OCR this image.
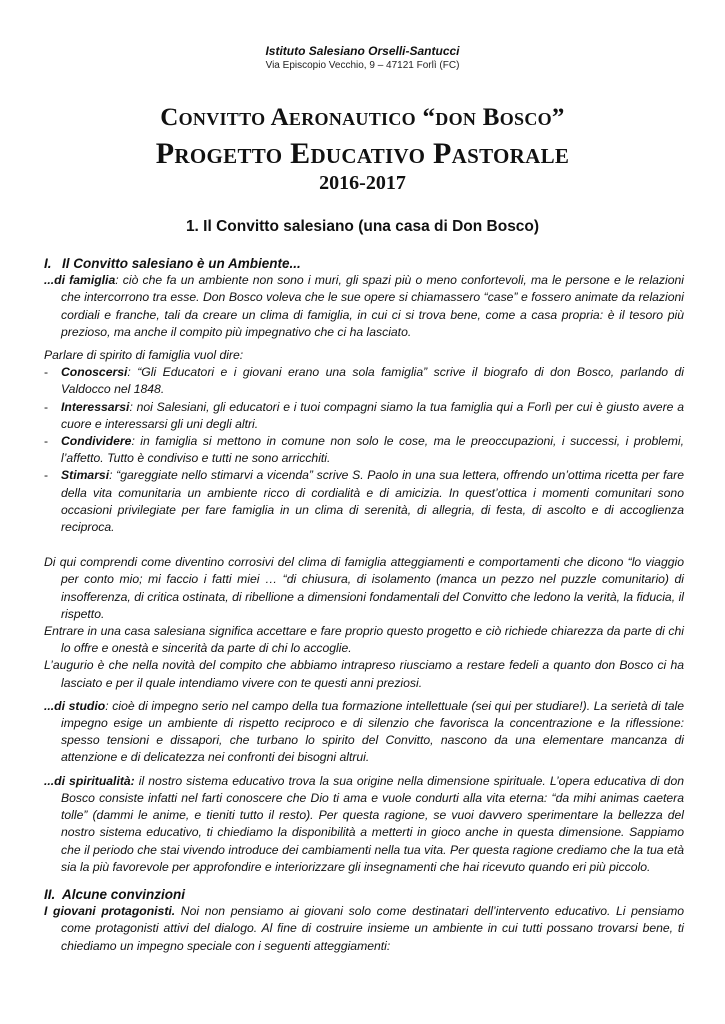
Istituto Salesiano Orselli-Santucci
Via Episcopio Vecchio, 9 – 47121 Forlì (FC)
Convitto Aeronautico “don Bosco”
Progetto Educativo Pastorale
2016-2017
1. Il Convitto salesiano (una casa di Don Bosco)

I. Il Convitto salesiano è un Ambiente...

...di famiglia: ciò che fa un ambiente non sono i muri, gli spazi più o meno confortevoli, ma le persone e le relazioni che intercorrono tra esse. Don Bosco voleva che le sue opere si chiamassero “case” e fossero animate da relazioni cordiali e franche, tali da creare un clima di famiglia, in cui ci si trova bene, come a casa propria: è il tesoro più prezioso, ma anche il compito più impegnativo che ci ha lasciato.

Parlare di spirito di famiglia vuol dire:

- Conoscersi: “Gli Educatori e i giovani erano una sola famiglia” scrive il biografo di don Bosco, parlando di Valdocco nel 1848.
- Interessarsi: noi Salesiani, gli educatori e i tuoi compagni siamo la tua famiglia qui a Forlì per cui è giusto avere a cuore e interessarsi gli uni degli altri.
- Condividere: in famiglia si mettono in comune non solo le cose, ma le preoccupazioni, i successi, i problemi, l’affetto. Tutto è condiviso e tutti ne sono arricchiti.
- Stimarsi: “gareggiate nello stimarvi a vicenda” scrive S. Paolo in una sua lettera, offrendo un’ottima ricetta per fare della vita comunitaria un ambiente ricco di cordialità e di amicizia. In quest’ottica i momenti comunitari sono occasioni privilegiate per fare famiglia in un clima di serenità, di allegria, di festa, di ascolto e di accoglienza reciproca.

Di qui comprendi come diventino corrosivi del clima di famiglia atteggiamenti e comportamenti che dicono “lo viaggio per conto mio; mi faccio i fatti miei … “di chiusura, di isolamento (manca un pezzo nel puzzle comunitario) di insofferenza, di critica ostinata, di ribellione a dimensioni fondamentali del Convitto che ledono la verità, la fiducia, il rispetto.

Entrare in una casa salesiana significa accettare e fare proprio questo progetto e ciò richiede chiarezza da parte di chi lo offre e onestà e sincerità da parte di chi lo accoglie.

L’augurio è che nella novità del compito che abbiamo intrapreso riusciamo a restare fedeli a quanto don Bosco ci ha lasciato e per il quale intendiamo vivere con te questi anni preziosi.

...di studio: cioè di impegno serio nel campo della tua formazione intellettuale (sei qui per studiare!). La serietà di tale impegno esige un ambiente di rispetto reciproco e di silenzio che favorisca la concentrazione e la riflessione: spesso tensioni e dissapori, che turbano lo spirito del Convitto, nascono da una elementare mancanza di attenzione e di delicatezza nei confronti dei bisogni altrui.

...di spiritualità: il nostro sistema educativo trova la sua origine nella dimensione spirituale. L’opera educativa di don Bosco consiste infatti nel farti conoscere che Dio ti ama e vuole condurti alla vita eterna: “da mihi animas caetera tolle” (dammi le anime, e tieniti tutto il resto). Per questa ragione, se vuoi davvero sperimentare la bellezza del nostro sistema educativo, ti chiediamo la disponibilità a metterti in gioco anche in questa dimensione. Sappiamo che il periodo che stai vivendo introduce dei cambiamenti nella tua vita. Per questa ragione crediamo che la tua età sia la più favorevole per approfondire e interiorizzare gli insegnamenti che hai ricevuto quando eri più piccolo.

II. Alcune convinzioni

I giovani protagonisti. Noi non pensiamo ai giovani solo come destinatari dell’intervento educativo. Li pensiamo come protagonisti attivi del dialogo. Al fine di costruire insieme un ambiente in cui tutti possano trovarsi bene, ti chiediamo un impegno speciale con i seguenti atteggiamenti:
